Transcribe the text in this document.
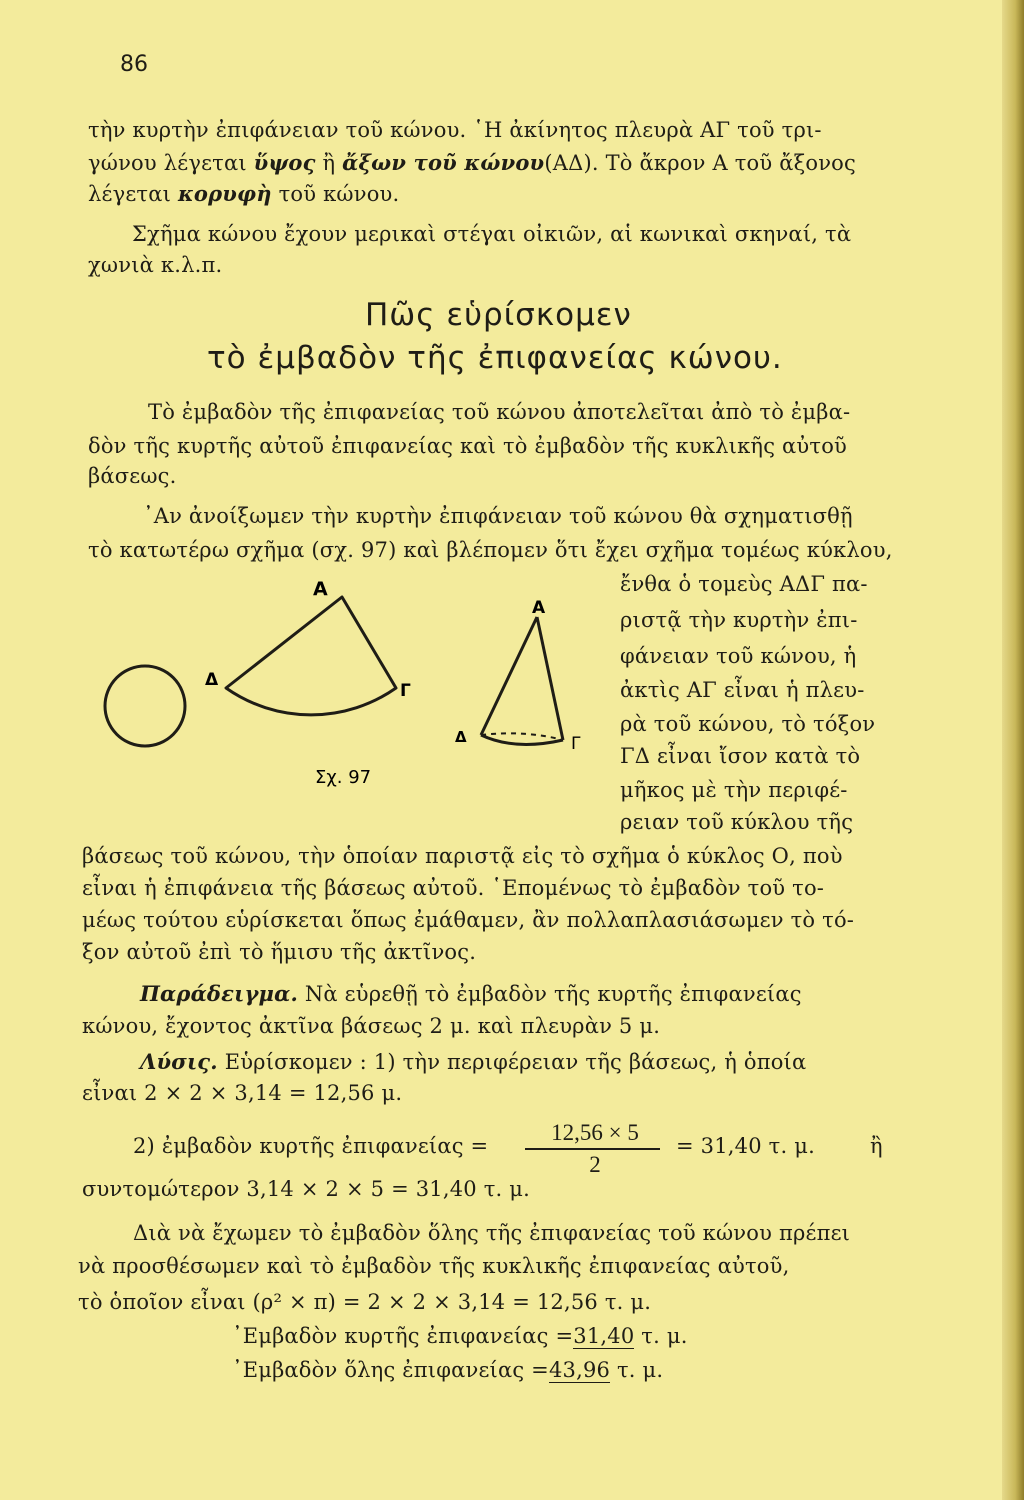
86
τὴν κυρτὴν ἐπιφάνειαν τοῦ κώνου. ῾Η ἀκίνητος πλευρὰ ΑΓ τοῦ τρι-
γώνου λέγεται ὕψος ἢ ἄξων τοῦ κώνου(ΑΔ). Τὸ ἄκρον Α τοῦ ἄξονος
λέγεται κορυφὴ τοῦ κώνου.
Σχῆμα κώνου ἔχουν μερικαὶ στέγαι οἰκιῶν, αἱ κωνικαὶ σκηναί, τὰ
χωνιὰ κ.λ.π.
Πῶς εὑρίσκομεν
τὸ ἐμβαδὸν τῆς ἐπιφανείας κώνου.
Τὸ ἐμβαδὸν τῆς ἐπιφανείας τοῦ κώνου ἀποτελεῖται ἀπὸ τὸ ἐμβα-
δὸν τῆς κυρτῆς αὐτοῦ ἐπιφανείας καὶ τὸ ἐμβαδὸν τῆς κυκλικῆς αὐτοῦ
βάσεως.
᾿Αν ἀνοίξωμεν τὴν κυρτὴν ἐπιφάνειαν τοῦ κώνου θὰ σχηματισθῇ
τὸ κατωτέρω σχῆμα (σχ. 97) καὶ βλέπομεν ὅτι ἔχει σχῆμα τομέως κύκλου,
Α
Δ
Γ
Α
Δ	Γ
Σχ. 97
ἔνθα ὁ τομεὺς ΑΔΓ πα-
ριστᾷ τὴν κυρτὴν ἐπι-
φάνειαν τοῦ κώνου, ἡ
ἀκτὶς ΑΓ εἶναι ἡ πλευ-
ρὰ τοῦ κώνου, τὸ τόξον
ΓΔ εἶναι ἴσον κατὰ τὸ
μῆκος μὲ τὴν περιφέ-
ρειαν τοῦ κύκλου τῆς
βάσεως τοῦ κώνου, τὴν ὁποίαν παριστᾷ εἰς τὸ σχῆμα ὁ κύκλος Ο, ποὺ
εἶναι ἡ ἐπιφάνεια τῆς βάσεως αὐτοῦ. ῾Επομένως τὸ ἐμβαδὸν τοῦ το-
μέως τούτου εὑρίσκεται ὅπως ἐμάθαμεν, ἂν πολλαπλασιάσωμεν τὸ τό-
ξον αὐτοῦ ἐπὶ τὸ ἥμισυ τῆς ἀκτῖνος.
Παράδειγμα. Νὰ εὑρεθῇ τὸ ἐμβαδὸν τῆς κυρτῆς ἐπιφανείας
κώνου, ἔχοντος ἀκτῖνα βάσεως 2 μ. καὶ πλευρὰν 5 μ.
Λύσις. Εὑρίσκομεν : 1) τὴν περιφέρειαν τῆς βάσεως, ἡ ὁποία
εἶναι 2 × 2 × 3,14 = 12,56 μ.
2) ἐμβαδὸν κυρτῆς ἐπιφανείας =
12,56 × 5
2
= 31,40 τ. μ.	ἢ
συντομώτερον 3,14 × 2 × 5 = 31,40 τ. μ.
Διὰ νὰ ἔχωμεν τὸ ἐμβαδὸν ὅλης τῆς ἐπιφανείας τοῦ κώνου πρέπει
νὰ προσθέσωμεν καὶ τὸ ἐμβαδὸν τῆς κυκλικῆς ἐπιφανείας αὐτοῦ,
τὸ ὁποῖον εἶναι (ρ² × π) = 2 × 2 × 3,14 = 12,56 τ. μ.
᾿Εμβαδὸν κυρτῆς ἐπιφανείας =31,40 τ. μ.
᾿Εμβαδὸν ὅλης ἐπιφανείας =43,96 τ. μ.
